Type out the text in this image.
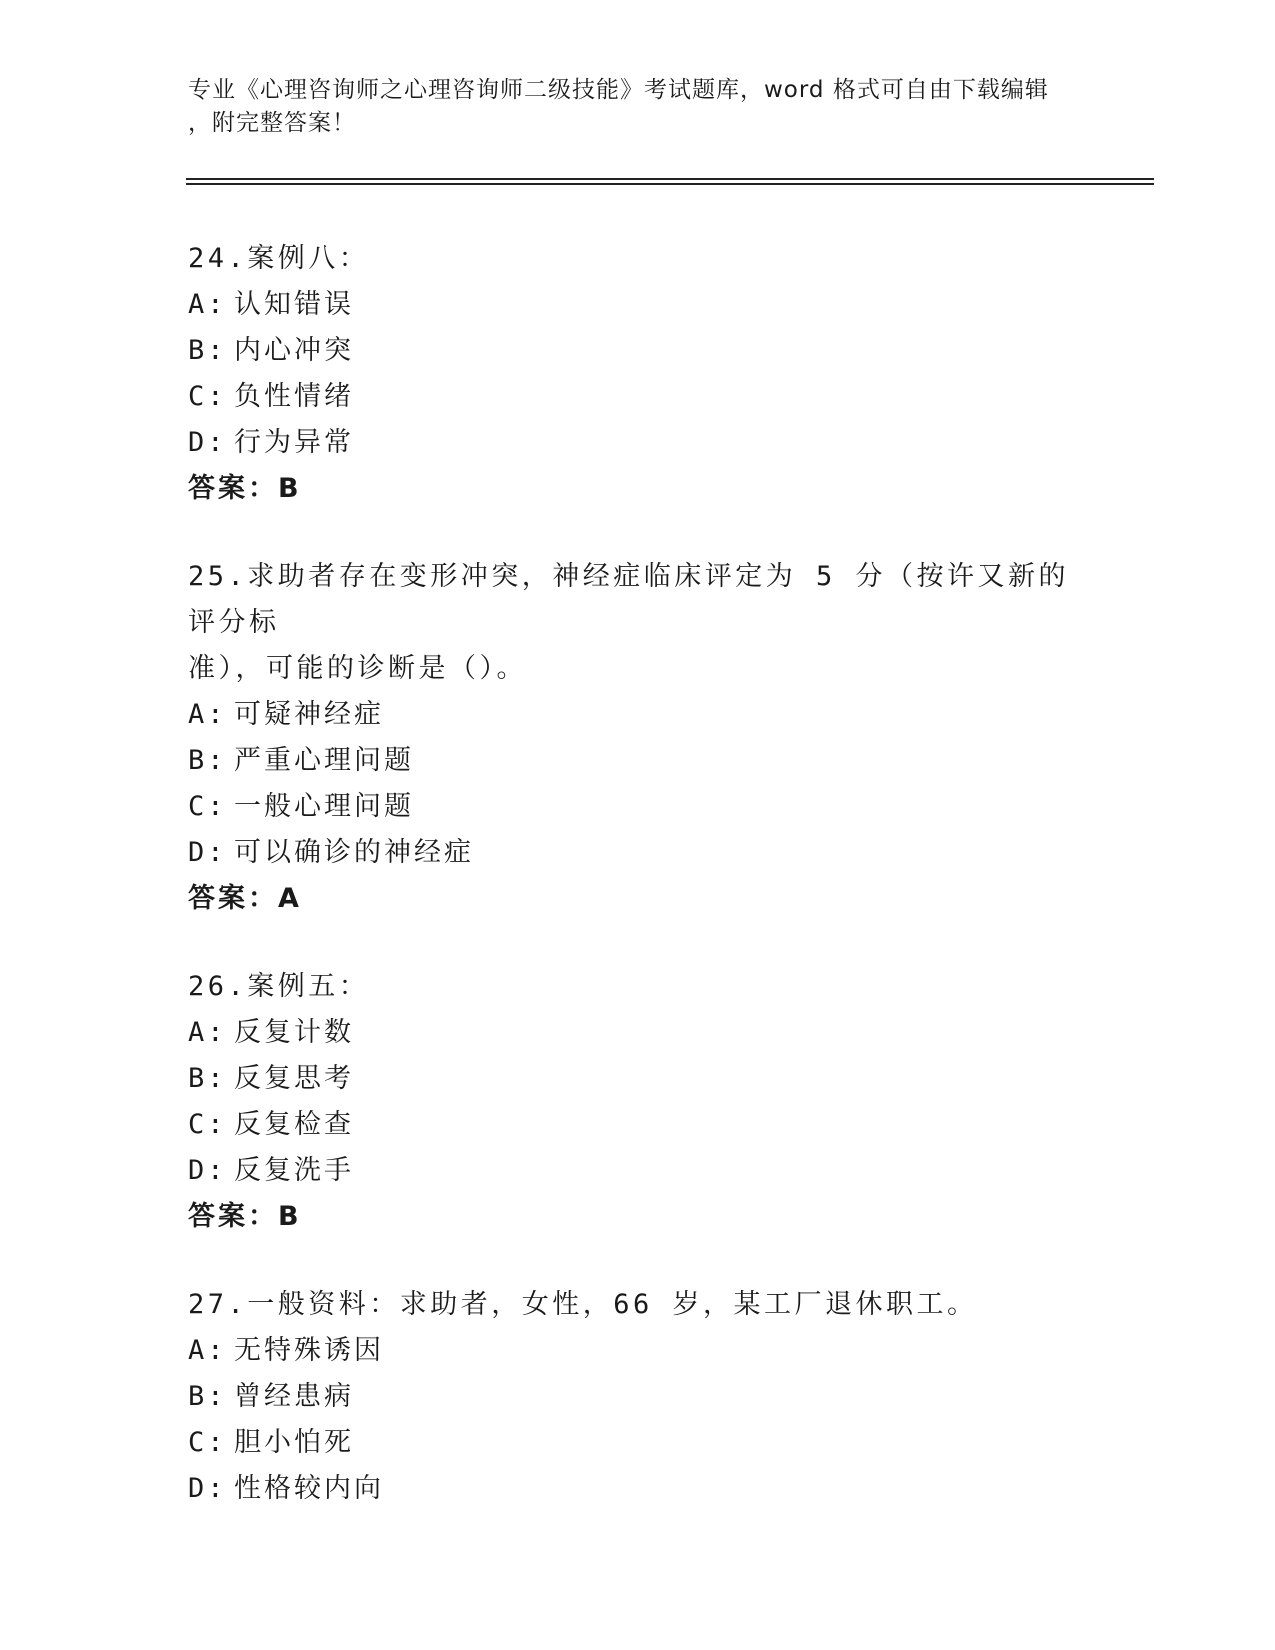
专业《心理咨询师之心理咨询师二级技能》考试题库，word 格式可自由下载编辑
，附完整答案！
24.案例八：
A: 认知错误
B: 内心冲突
C: 负性情绪
D: 行为异常
答案：B
25.求助者存在变形冲突，神经症临床评定为 5 分（按许又新的评分标
准），可能的诊断是（）。
A: 可疑神经症
B: 严重心理问题
C: 一般心理问题
D: 可以确诊的神经症
答案：A
26.案例五：
A: 反复计数
B: 反复思考
C: 反复检查
D: 反复洗手
答案：B
27.一般资料：求助者，女性，66 岁，某工厂退休职工。
A: 无特殊诱因
B: 曾经患病
C: 胆小怕死
D: 性格较内向
